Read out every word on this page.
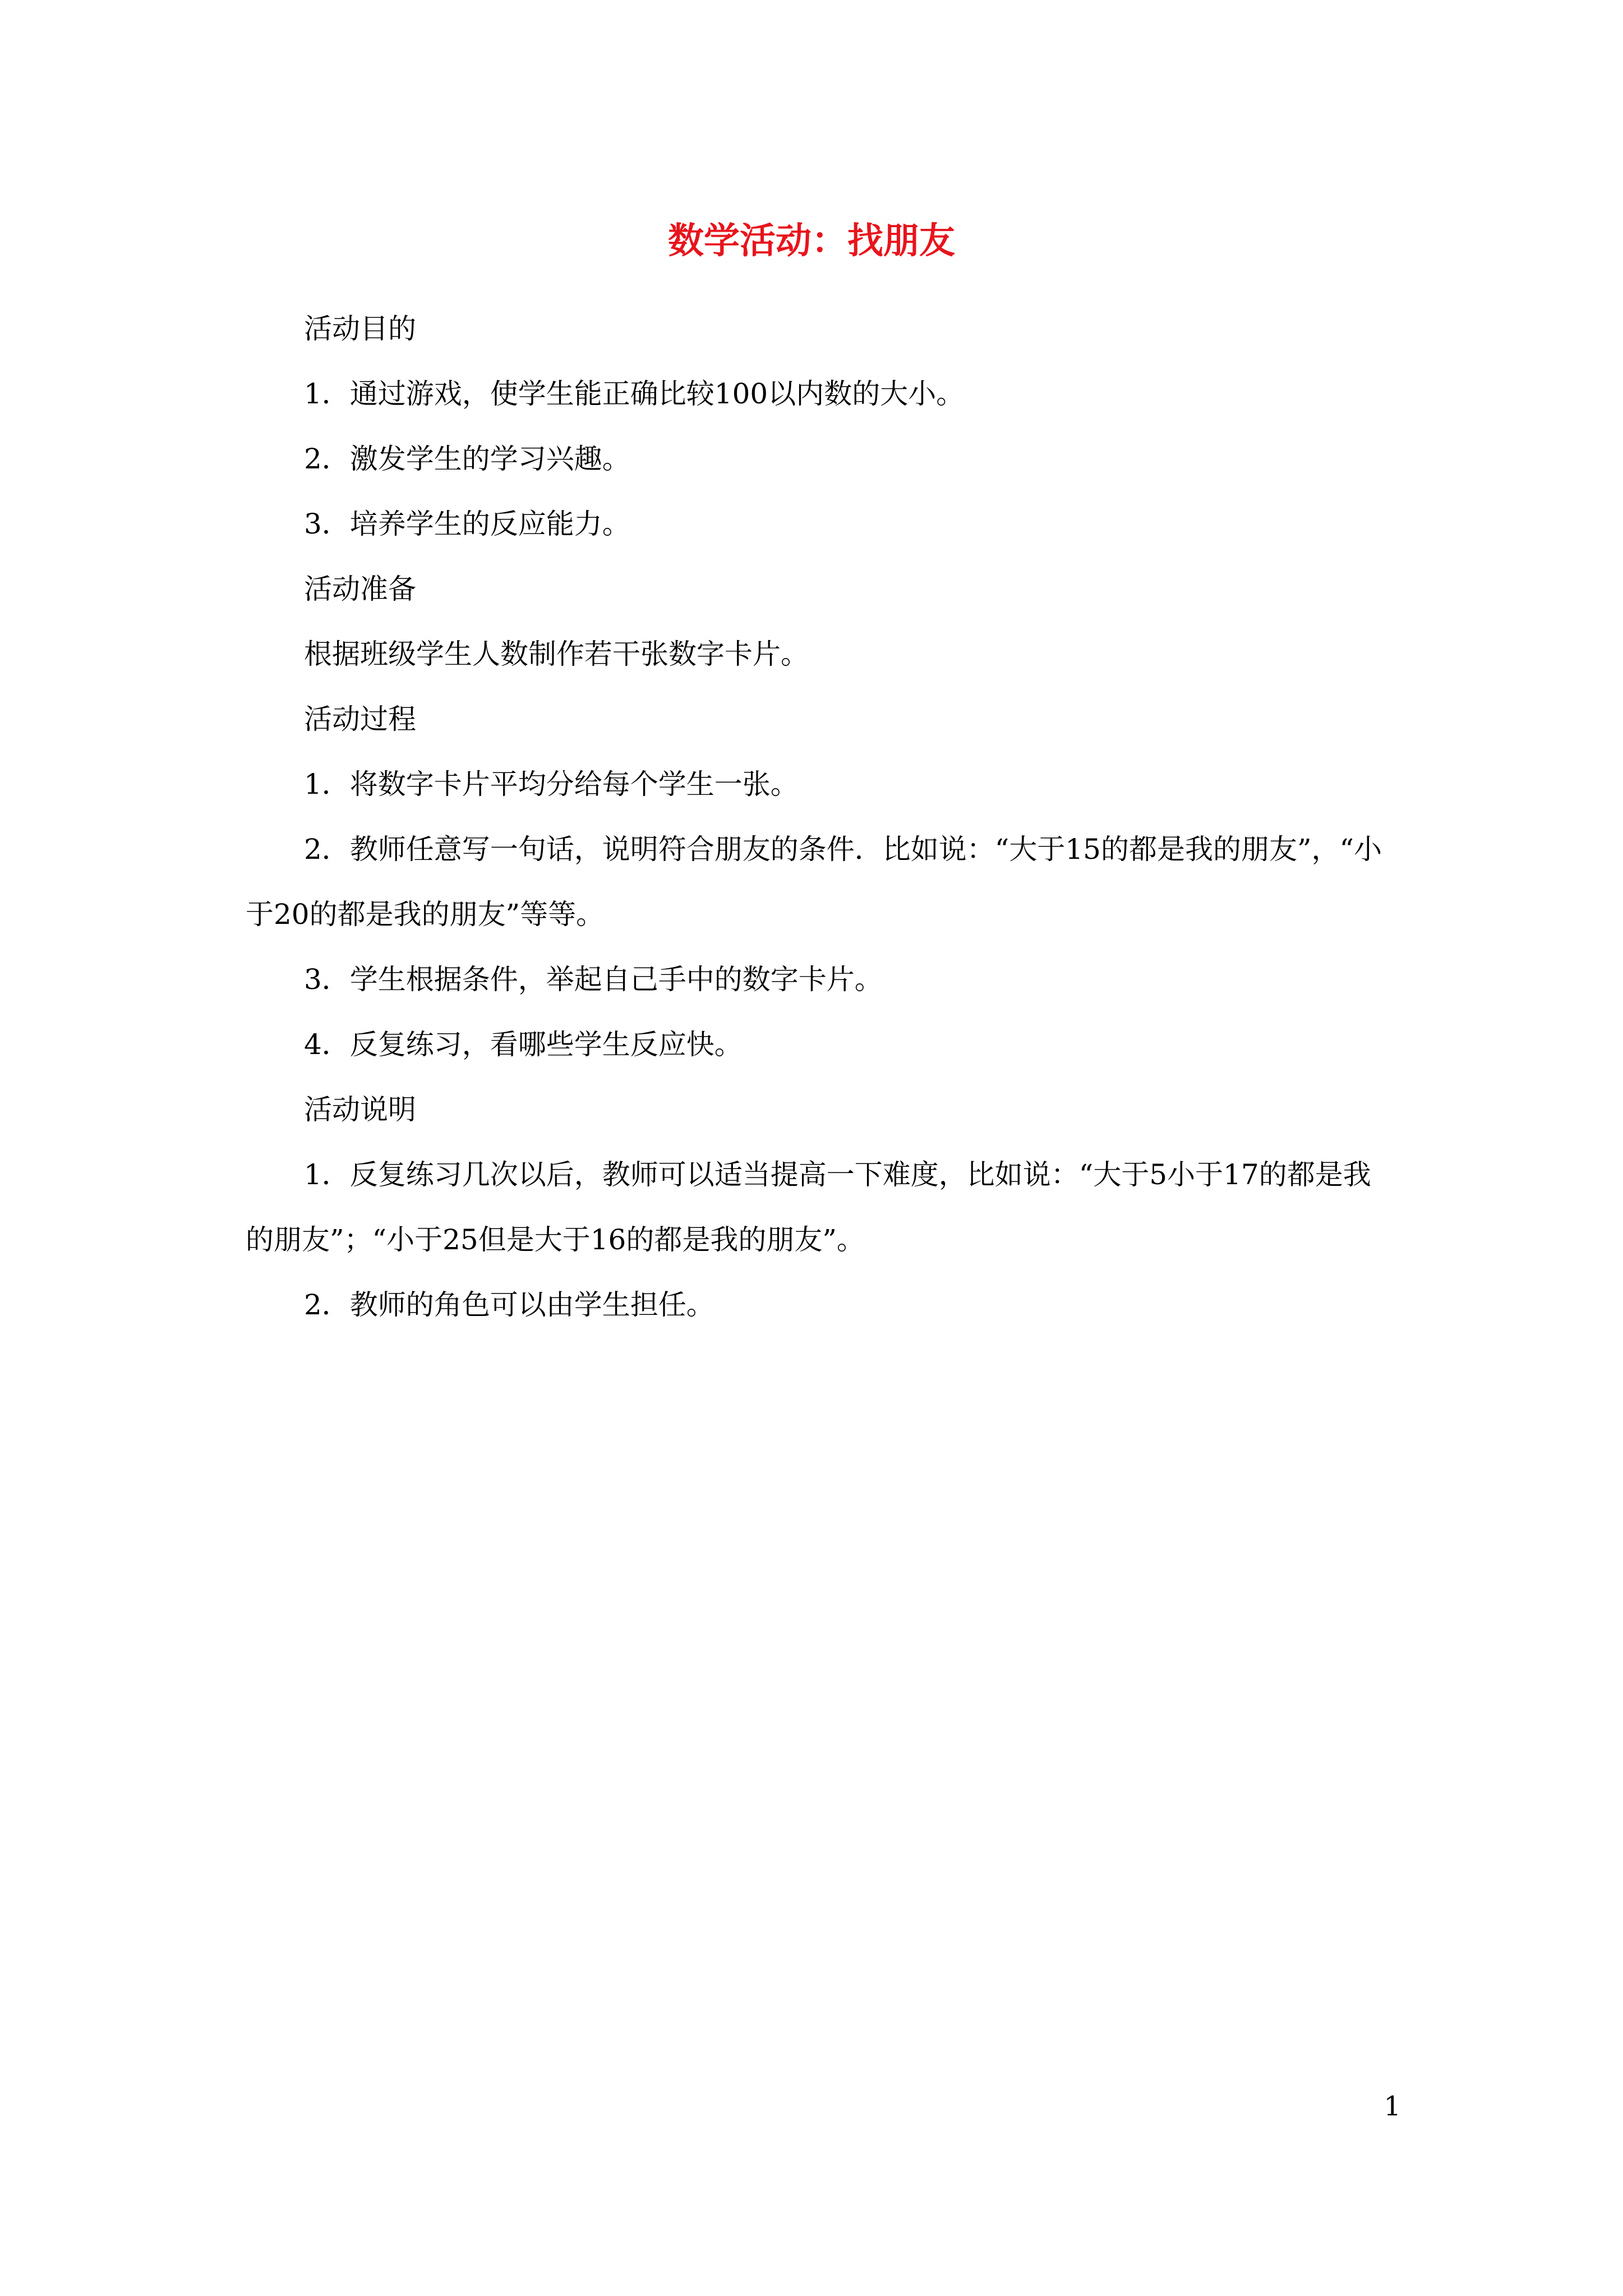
数学活动：找朋友

活动目的

1．通过游戏，使学生能正确比较100以内数的大小。

2．激发学生的学习兴趣。

3．培养学生的反应能力。

活动准备

根据班级学生人数制作若干张数字卡片。

活动过程

1．将数字卡片平均分给每个学生一张。

2．教师任意写一句话，说明符合朋友的条件．比如说：“大于15的都是我的朋友”，“小于20的都是我的朋友”等等。

3．学生根据条件，举起自己手中的数字卡片。

4．反复练习，看哪些学生反应快。

活动说明

1．反复练习几次以后，教师可以适当提高一下难度，比如说：“大于5小于17的都是我的朋友”；“小于25但是大于16的都是我的朋友”。

2．教师的角色可以由学生担任。

1
